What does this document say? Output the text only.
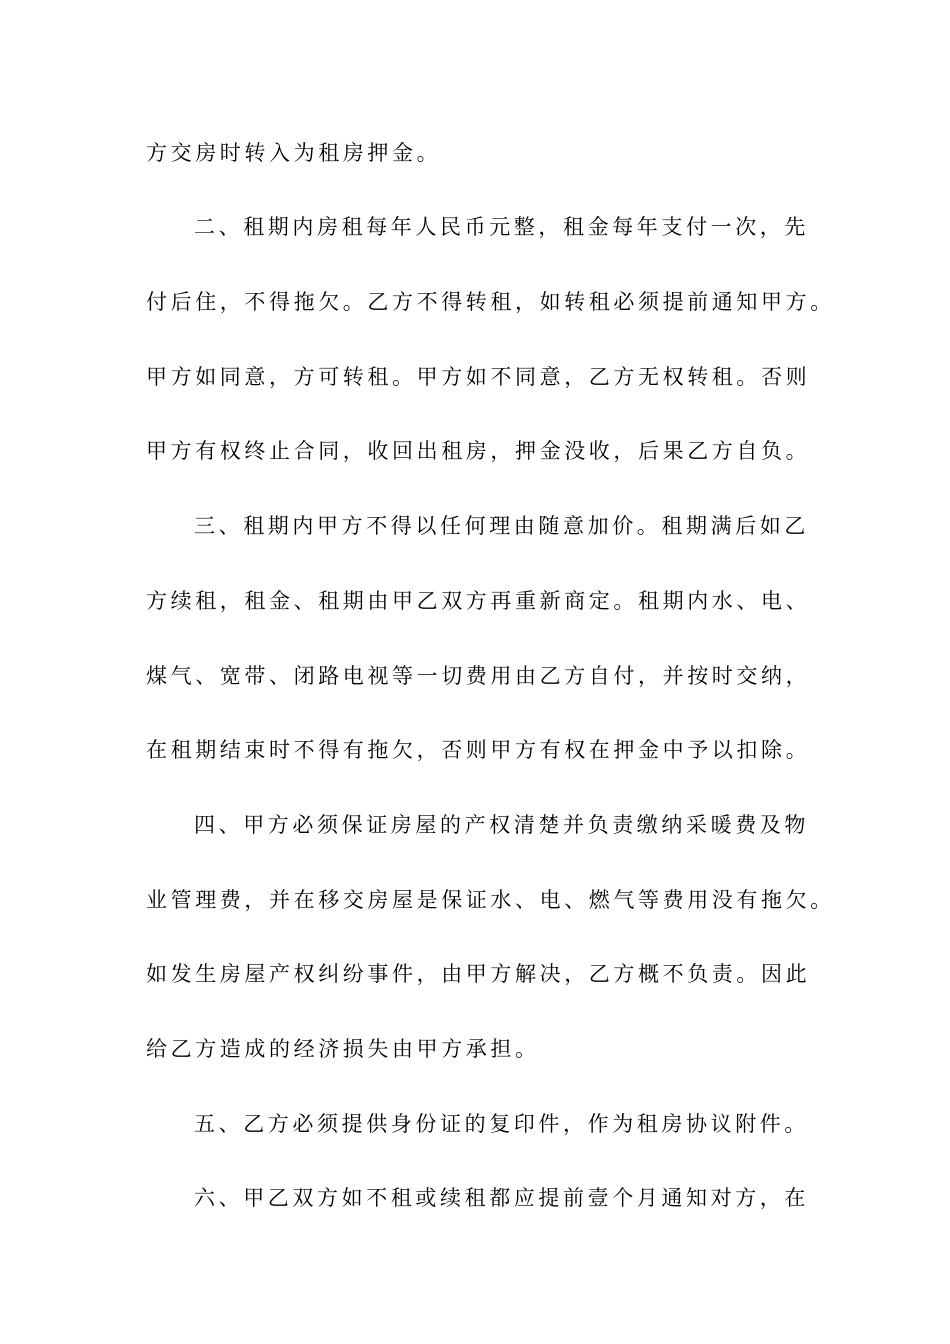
方交房时转入为租房押金。
二、租期内房租每年人民币元整，租金每年支付一次，先
付后住，不得拖欠。乙方不得转租，如转租必须提前通知甲方。
甲方如同意，方可转租。甲方如不同意，乙方无权转租。否则
甲方有权终止合同，收回出租房，押金没收，后果乙方自负。
三、租期内甲方不得以任何理由随意加价。租期满后如乙
方续租，租金、租期由甲乙双方再重新商定。租期内水、电、
煤气、宽带、闭路电视等一切费用由乙方自付，并按时交纳，
在租期结束时不得有拖欠，否则甲方有权在押金中予以扣除。
四、甲方必须保证房屋的产权清楚并负责缴纳采暖费及物
业管理费，并在移交房屋是保证水、电、燃气等费用没有拖欠。
如发生房屋产权纠纷事件，由甲方解决，乙方概不负责。因此
给乙方造成的经济损失由甲方承担。
五、乙方必须提供身份证的复印件，作为租房协议附件。
六、甲乙双方如不租或续租都应提前壹个月通知对方，在
